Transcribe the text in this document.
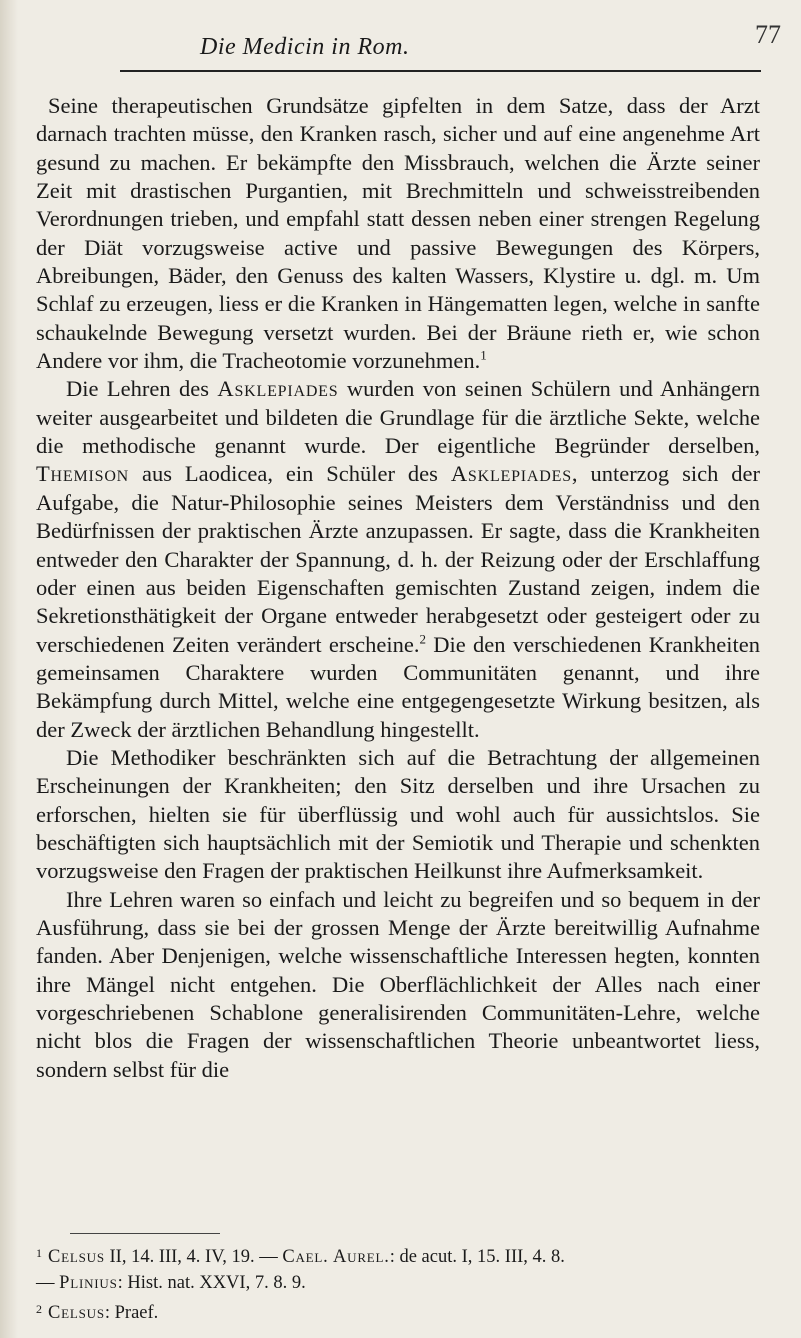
Die Medicin in Rom.	77

Seine therapeutischen Grundsätze gipfelten in dem Satze, dass der Arzt darnach trachten müsse, den Kranken rasch, sicher und auf eine angenehme Art gesund zu machen. Er bekämpfte den Missbrauch, welchen die Ärzte seiner Zeit mit drastischen Purgantien, mit Brechmitteln und schweisstreibenden Verordnungen trieben, und empfahl statt dessen neben einer strengen Regelung der Diät vorzugsweise active und passive Bewegungen des Körpers, Abreibungen, Bäder, den Genuss des kalten Wassers, Klystire u. dgl. m. Um Schlaf zu erzeugen, liess er die Kranken in Hängematten legen, welche in sanfte schaukelnde Bewegung versetzt wurden. Bei der Bräune rieth er, wie schon Andere vor ihm, die Tracheotomie vorzunehmen.$^1$

Die Lehren des Asklepiades wurden von seinen Schülern und Anhängern weiter ausgearbeitet und bildeten die Grundlage für die ärztliche Sekte, welche die methodische genannt wurde. Der eigentliche Begründer derselben, Themison aus Laodicea, ein Schüler des Asklepiades, unterzog sich der Aufgabe, die Natur-Philosophie seines Meisters dem Verständniss und den Bedürfnissen der praktischen Ärzte anzupassen. Er sagte, dass die Krankheiten entweder den Charakter der Spannung, d. h. der Reizung oder der Erschlaffung oder einen aus beiden Eigenschaften gemischten Zustand zeigen, indem die Sekretionsthätigkeit der Organe entweder herabgesetzt oder gesteigert oder zu verschiedenen Zeiten verändert erscheine.$^2$ Die den verschiedenen Krankheiten gemeinsamen Charaktere wurden Communitäten genannt, und ihre Bekämpfung durch Mittel, welche eine entgegengesetzte Wirkung besitzen, als der Zweck der ärztlichen Behandlung hingestellt.

Die Methodiker beschränkten sich auf die Betrachtung der allgemeinen Erscheinungen der Krankheiten; den Sitz derselben und ihre Ursachen zu erforschen, hielten sie für überflüssig und wohl auch für aussichtslos. Sie beschäftigten sich hauptsächlich mit der Semiotik und Therapie und schenkten vorzugsweise den Fragen der praktischen Heilkunst ihre Aufmerksamkeit.

Ihre Lehren waren so einfach und leicht zu begreifen und so bequem in der Ausführung, dass sie bei der grossen Menge der Ärzte bereitwillig Aufnahme fanden. Aber Denjenigen, welche wissenschaftliche Interessen hegten, konnten ihre Mängel nicht entgehen. Die Oberflächlichkeit der Alles nach einer vorgeschriebenen Schablone generalisirenden Communitäten-Lehre, welche nicht blos die Fragen der wissenschaftlichen Theorie unbeantwortet liess, sondern selbst für die

$^1$ Celsus II, 14. III, 4. IV, 19. — Cael. Aurel.: de acut. I, 15. III, 4. 8.
— Plinius: Hist. nat. XXVI, 7. 8. 9.
$^2$ Celsus: Praef.
